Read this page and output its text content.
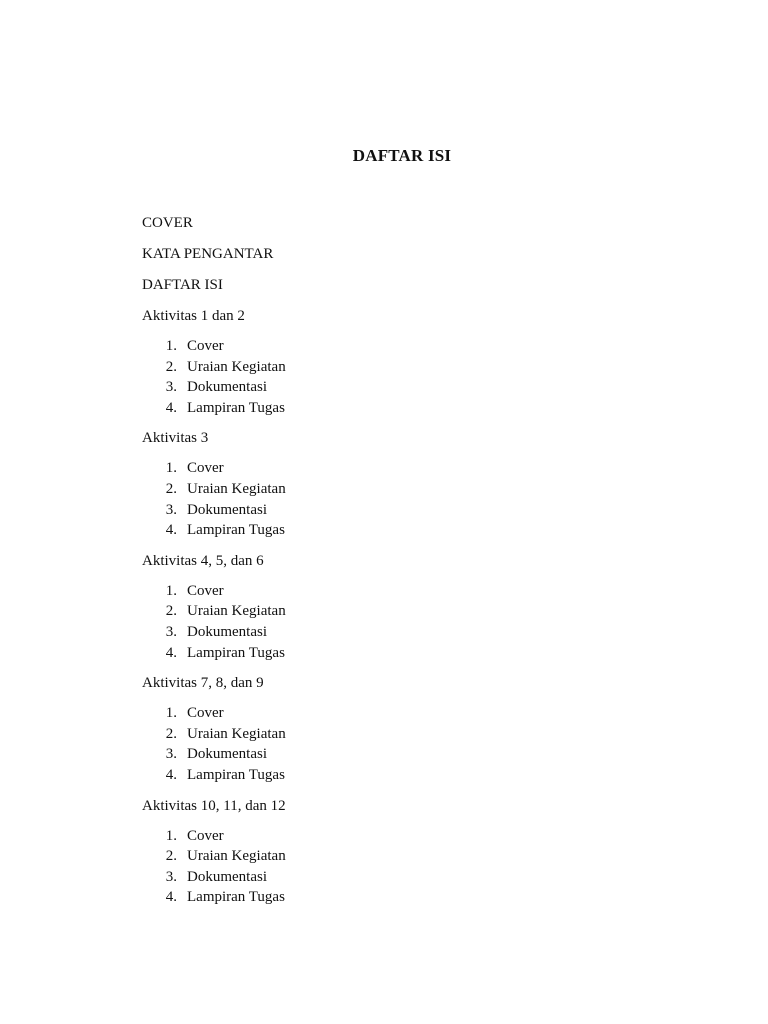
DAFTAR ISI
COVER
KATA PENGANTAR
DAFTAR ISI
Aktivitas 1 dan 2
1. Cover
2. Uraian Kegiatan
3. Dokumentasi
4. Lampiran Tugas
Aktivitas 3
1. Cover
2. Uraian Kegiatan
3. Dokumentasi
4. Lampiran Tugas
Aktivitas 4, 5, dan 6
1. Cover
2. Uraian Kegiatan
3. Dokumentasi
4. Lampiran Tugas
Aktivitas 7, 8, dan 9
1. Cover
2. Uraian Kegiatan
3. Dokumentasi
4. Lampiran Tugas
Aktivitas 10, 11, dan 12
1. Cover
2. Uraian Kegiatan
3. Dokumentasi
4. Lampiran Tugas
